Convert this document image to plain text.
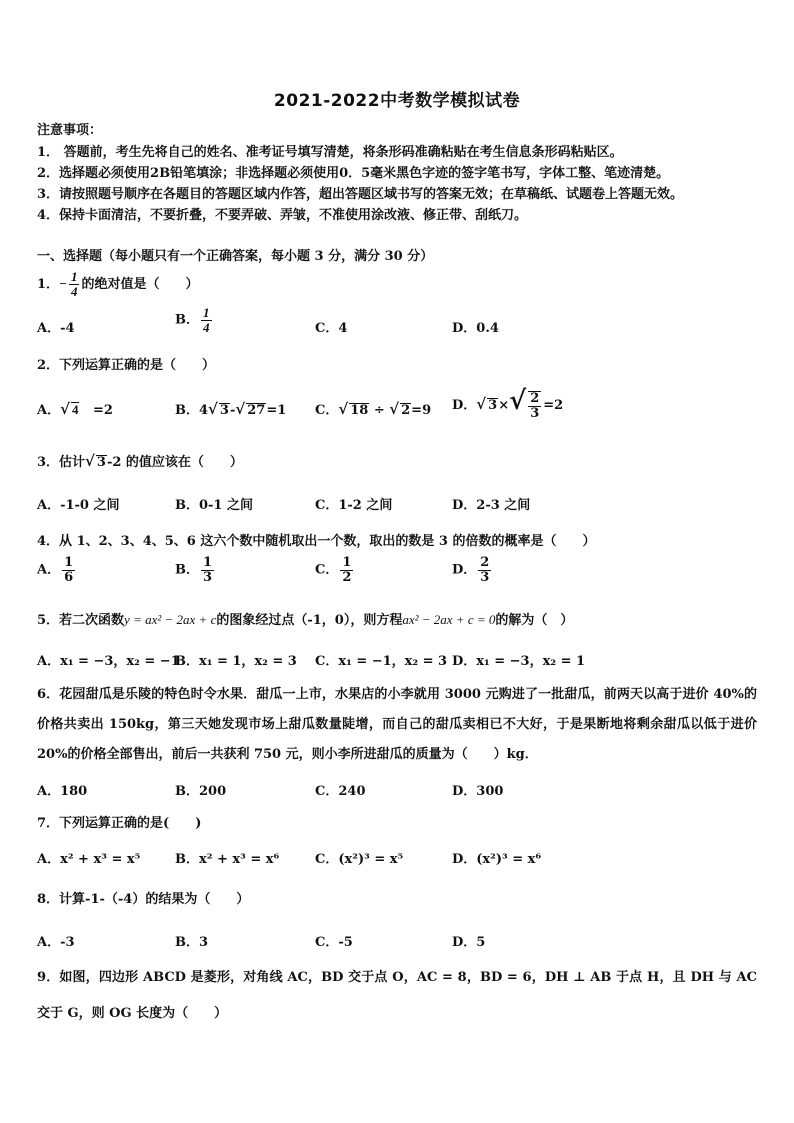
2021-2022中考数学模拟试卷
注意事项：
1． 答题前，考生先将自己的姓名、准考证号填写清楚，将条形码准确粘贴在考生信息条形码粘贴区。
2．选择题必须使用2B铅笔填涂；非选择题必须使用0．5毫米黑色字迹的签字笔书写，字体工整、笔迹清楚。
3．请按照题号顺序在各题目的答题区域内作答，超出答题区域书写的答案无效；在草稿纸、试题卷上答题无效。
4．保持卡面清洁，不要折叠，不要弄破、弄皱，不准使用涂改液、修正带、刮纸刀。
一、选择题（每小题只有一个正确答案，每小题 3 分，满分 30 分）
1．− $\frac{1}{4}$ 的绝对值是（　　）
A．-4
B． $\frac{1}{4}$	C．4	D．0.4
2．下列运算正确的是（　　）
A．√ 4 =2	B．4√ 3-√ 27=1 C．√ 18 ÷ √ 2=9 D．√ $3\times√ \frac{2}{3} =2$
3．估计√ 3-2 的值应该在（　　）
A．-1-0 之间	B．0-1 之间	C．1-2 之间	D．2-3 之间
4．从 1、2、3、4、5、6 这六个数中随机取出一个数，取出的数是 3 的倍数的概率是（　　）
A． $\frac{1}{6}$	B． $\frac{1}{3}$	C． $\frac{1}{2}$	D． $\frac{2}{3}$
5．若二次函数y = ax² − 2ax + c的图象经过点（-1，0），则方程ax² − 2ax + c = 0的解为（　）
A．x₁ = −3，x₂ = −1
B．x₁ = 1，x₂ = 3 C．x₁ = −1，x₂ = 3 D．x₁ = −3，x₂ = 1
6．花园甜瓜是乐陵的特色时令水果．甜瓜一上市，水果店的小李就用 3000 元购进了一批甜瓜，前两天以高于进价 40%的价格共卖出 150kg，第三天她发现市场上甜瓜数量陡增，而自己的甜瓜卖相已不大好，于是果断地将剩余甜瓜以低于进价 20%的价格全部售出，前后一共获利 750 元，则小李所进甜瓜的质量为（　　）kg．
A．180	B．200	C．240	D．300
7．下列运算正确的是(　　)
A．x² + x³ = x⁵	B．x² + x³ = x⁶	C．(x²)³ = x⁵	D．(x²)³ = x⁶
8．计算-1-（-4）的结果为（　　）
A．-3	B．3	C．-5	D．5
9．如图，四边形 ABCD 是菱形，对角线 AC，BD 交于点 O，AC = 8，BD = 6，DH ⊥ AB 于点 H，且 DH 与 AC 交于 G，则 OG 长度为（　　）
